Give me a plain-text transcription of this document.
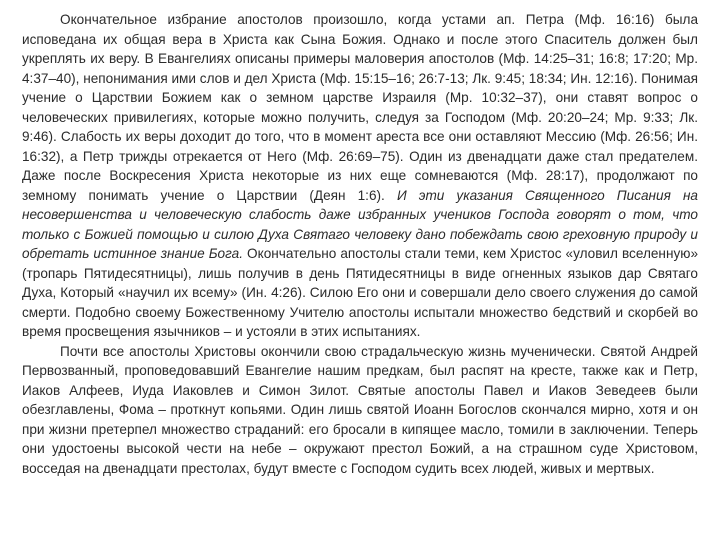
Окончательное избрание апостолов произошло, когда устами ап. Петра (Мф. 16:16) была исповедана их общая вера в Христа как Сына Божия. Однако и после этого Спаситель должен был укреплять их веру. В Евангелиях описаны примеры маловерия апостолов (Мф. 14:25–31; 16:8; 17:20; Мр. 4:37–40), непонимания ими слов и дел Христа (Мф. 15:15–16; 26:7-13; Лк. 9:45; 18:34; Ин. 12:16). Понимая учение о Царствии Божием как о земном царстве Израиля (Мр. 10:32–37), они ставят вопрос о человеческих привилегиях, которые можно получить, следуя за Господом (Мф. 20:20–24; Мр. 9:33; Лк. 9:46). Слабость их веры доходит до того, что в момент ареста все они оставляют Мессию (Мф. 26:56; Ин. 16:32), а Петр трижды отрекается от Него (Мф. 26:69–75). Один из двенадцати даже стал предателем. Даже после Воскресения Христа некоторые из них еще сомневаются (Мф. 28:17), продолжают по земному понимать учение о Царствии (Деян 1:6). И эти указания Священного Писания на несовершенства и человеческую слабость даже избранных учеников Господа говорят о том, что только с Божией помощью и силою Духа Святаго человеку дано побеждать свою греховную природу и обретать истинное знание Бога. Окончательно апостолы стали теми, кем Христос «уловил вселенную» (тропарь Пятидесятницы), лишь получив в день Пятидесятницы в виде огненных языков дар Святаго Духа, Который «научил их всему» (Ин. 4:26). Силою Его они и совершали дело своего служения до самой смерти. Подобно своему Божественному Учителю апостолы испытали множество бедствий и скорбей во время просвещения язычников – и устояли в этих испытаниях.

Почти все апостолы Христовы окончили свою страдальческую жизнь мученически. Святой Андрей Первозванный, проповедовавший Евангелие нашим предкам, был распят на кресте, также как и Петр, Иаков Алфеев, Иуда Иаковлев и Симон Зилот. Святые апостолы Павел и Иаков Зеведеев были обезглавлены, Фома – проткнут копьями. Один лишь святой Иоанн Богослов скончался мирно, хотя и он при жизни претерпел множество страданий: его бросали в кипящее масло, томили в заключении. Теперь они удостоены высокой чести на небе – окружают престол Божий, а на страшном суде Христовом, восседая на двенадцати престолах, будут вместе с Господом судить всех людей, живых и мертвых.
